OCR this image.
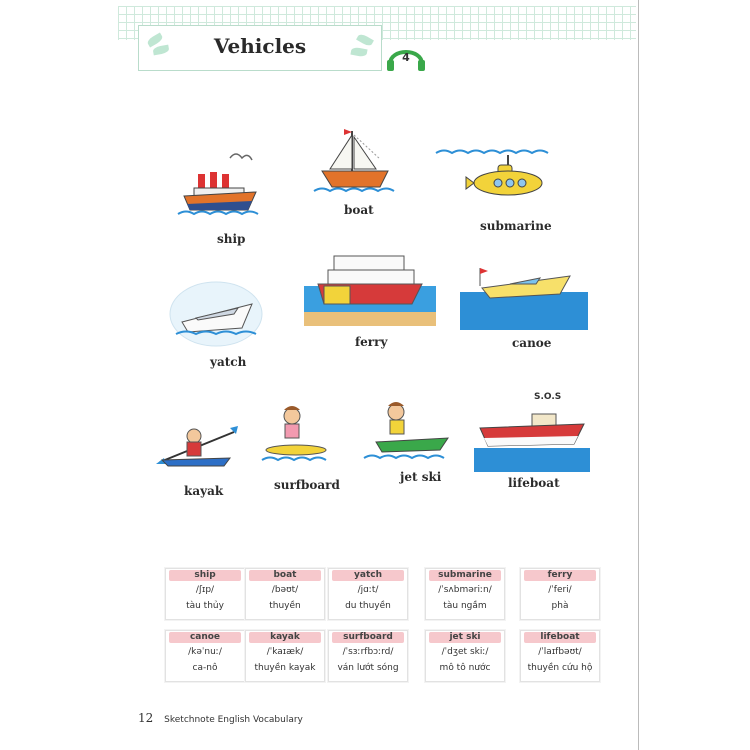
Vehicles	4
ship
boat
submarine
yatch
ferry	canoe
kayak	surfboard
jet ski
S.O.S
lifeboat
ship
/ʃɪp/
tàu thủy
boat
/bəʊt/
thuyền
yatch
/jɑːt/
du thuyền
submarine
/ˈsʌbməriːn/
tàu ngầm
ferry
/ˈferi/
phà
canoe
/kəˈnuː/
ca-nô
kayak
/ˈkaɪæk/
thuyền kayak
surfboard
/ˈsɜːrfbɔːrd/
ván lướt sóng
jet ski
/ˈdʒet skiː/
mô tô nước
lifeboat
/ˈlaɪfbəʊt/
thuyền cứu hộ
12 Sketchnote English Vocabulary
